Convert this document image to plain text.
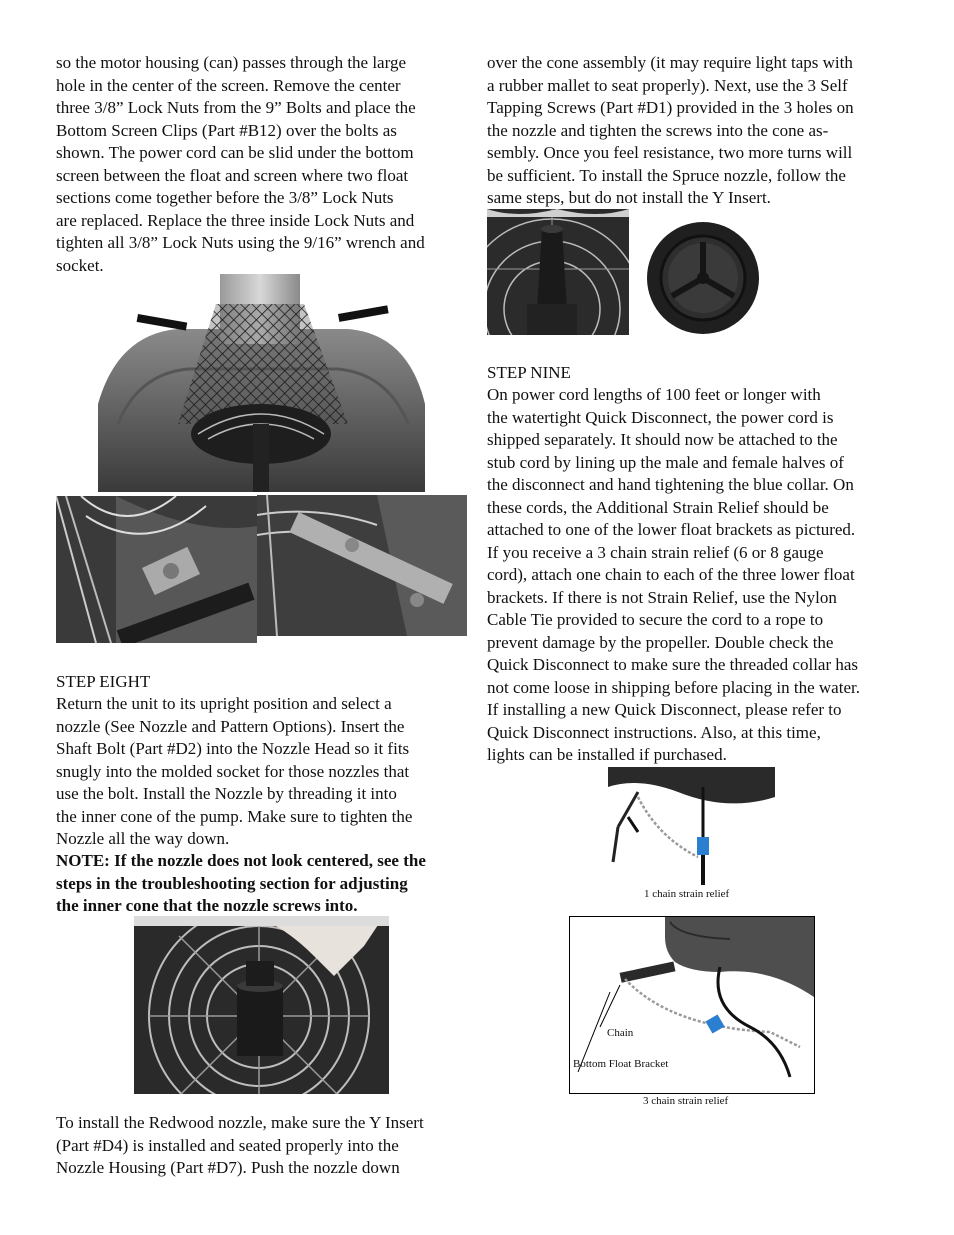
so the motor housing (can) passes through the large
hole in the center of the screen. Remove the center
three 3/8” Lock Nuts from the 9” Bolts and place the
Bottom Screen Clips (Part #B12) over the bolts as
shown. The power cord can be slid under the bottom
screen between the float and screen where two float
sections come together before the 3/8” Lock Nuts
are replaced. Replace the three inside Lock Nuts and
tighten all 3/8” Lock Nuts using the 9/16” wrench and
socket.
STEP EIGHT
Return the unit to its upright position and select a
nozzle (See Nozzle and Pattern Options). Insert the
Shaft Bolt (Part #D2) into the Nozzle Head so it fits
snugly into the molded socket for those nozzles that
use the bolt. Install the Nozzle by threading it into
the inner cone of the pump. Make sure to tighten the
Nozzle all the way down.
NOTE: If the nozzle does not look centered, see the
steps in the troubleshooting section for adjusting
the inner cone that the nozzle screws into.
To install the Redwood nozzle, make sure the Y Insert
(Part #D4) is installed and seated properly into the
Nozzle Housing (Part #D7). Push the nozzle down
over the cone assembly (it may require light taps with
a rubber mallet to seat properly). Next, use the 3 Self
Tapping Screws (Part #D1) provided in the 3 holes on
the nozzle and tighten the screws into the cone as-
sembly. Once you feel resistance, two more turns will
be sufficient. To install the Spruce nozzle, follow the
same steps, but do not install the Y Insert.
STEP NINE
On power cord lengths of 100 feet or longer with
the watertight Quick Disconnect, the power cord is
shipped separately. It should now be attached to the
stub cord by lining up the male and female halves of
the disconnect and hand tightening the blue collar. On
these cords, the Additional Strain Relief should be
attached to one of the lower float brackets as pictured.
If you receive a 3 chain strain relief (6 or 8 gauge
cord), attach one chain to each of the three lower float
brackets. If there is not Strain Relief, use the Nylon
Cable Tie provided to secure the cord to a rope to
prevent damage by the propeller. Double check the
Quick Disconnect to make sure the threaded collar has
not come loose in shipping before placing in the water.
If installing a new Quick Disconnect, please refer to
Quick Disconnect instructions. Also, at this time,
lights can be installed if purchased.
1 chain strain relief
Chain
Bottom Float Bracket
3 chain strain relief
